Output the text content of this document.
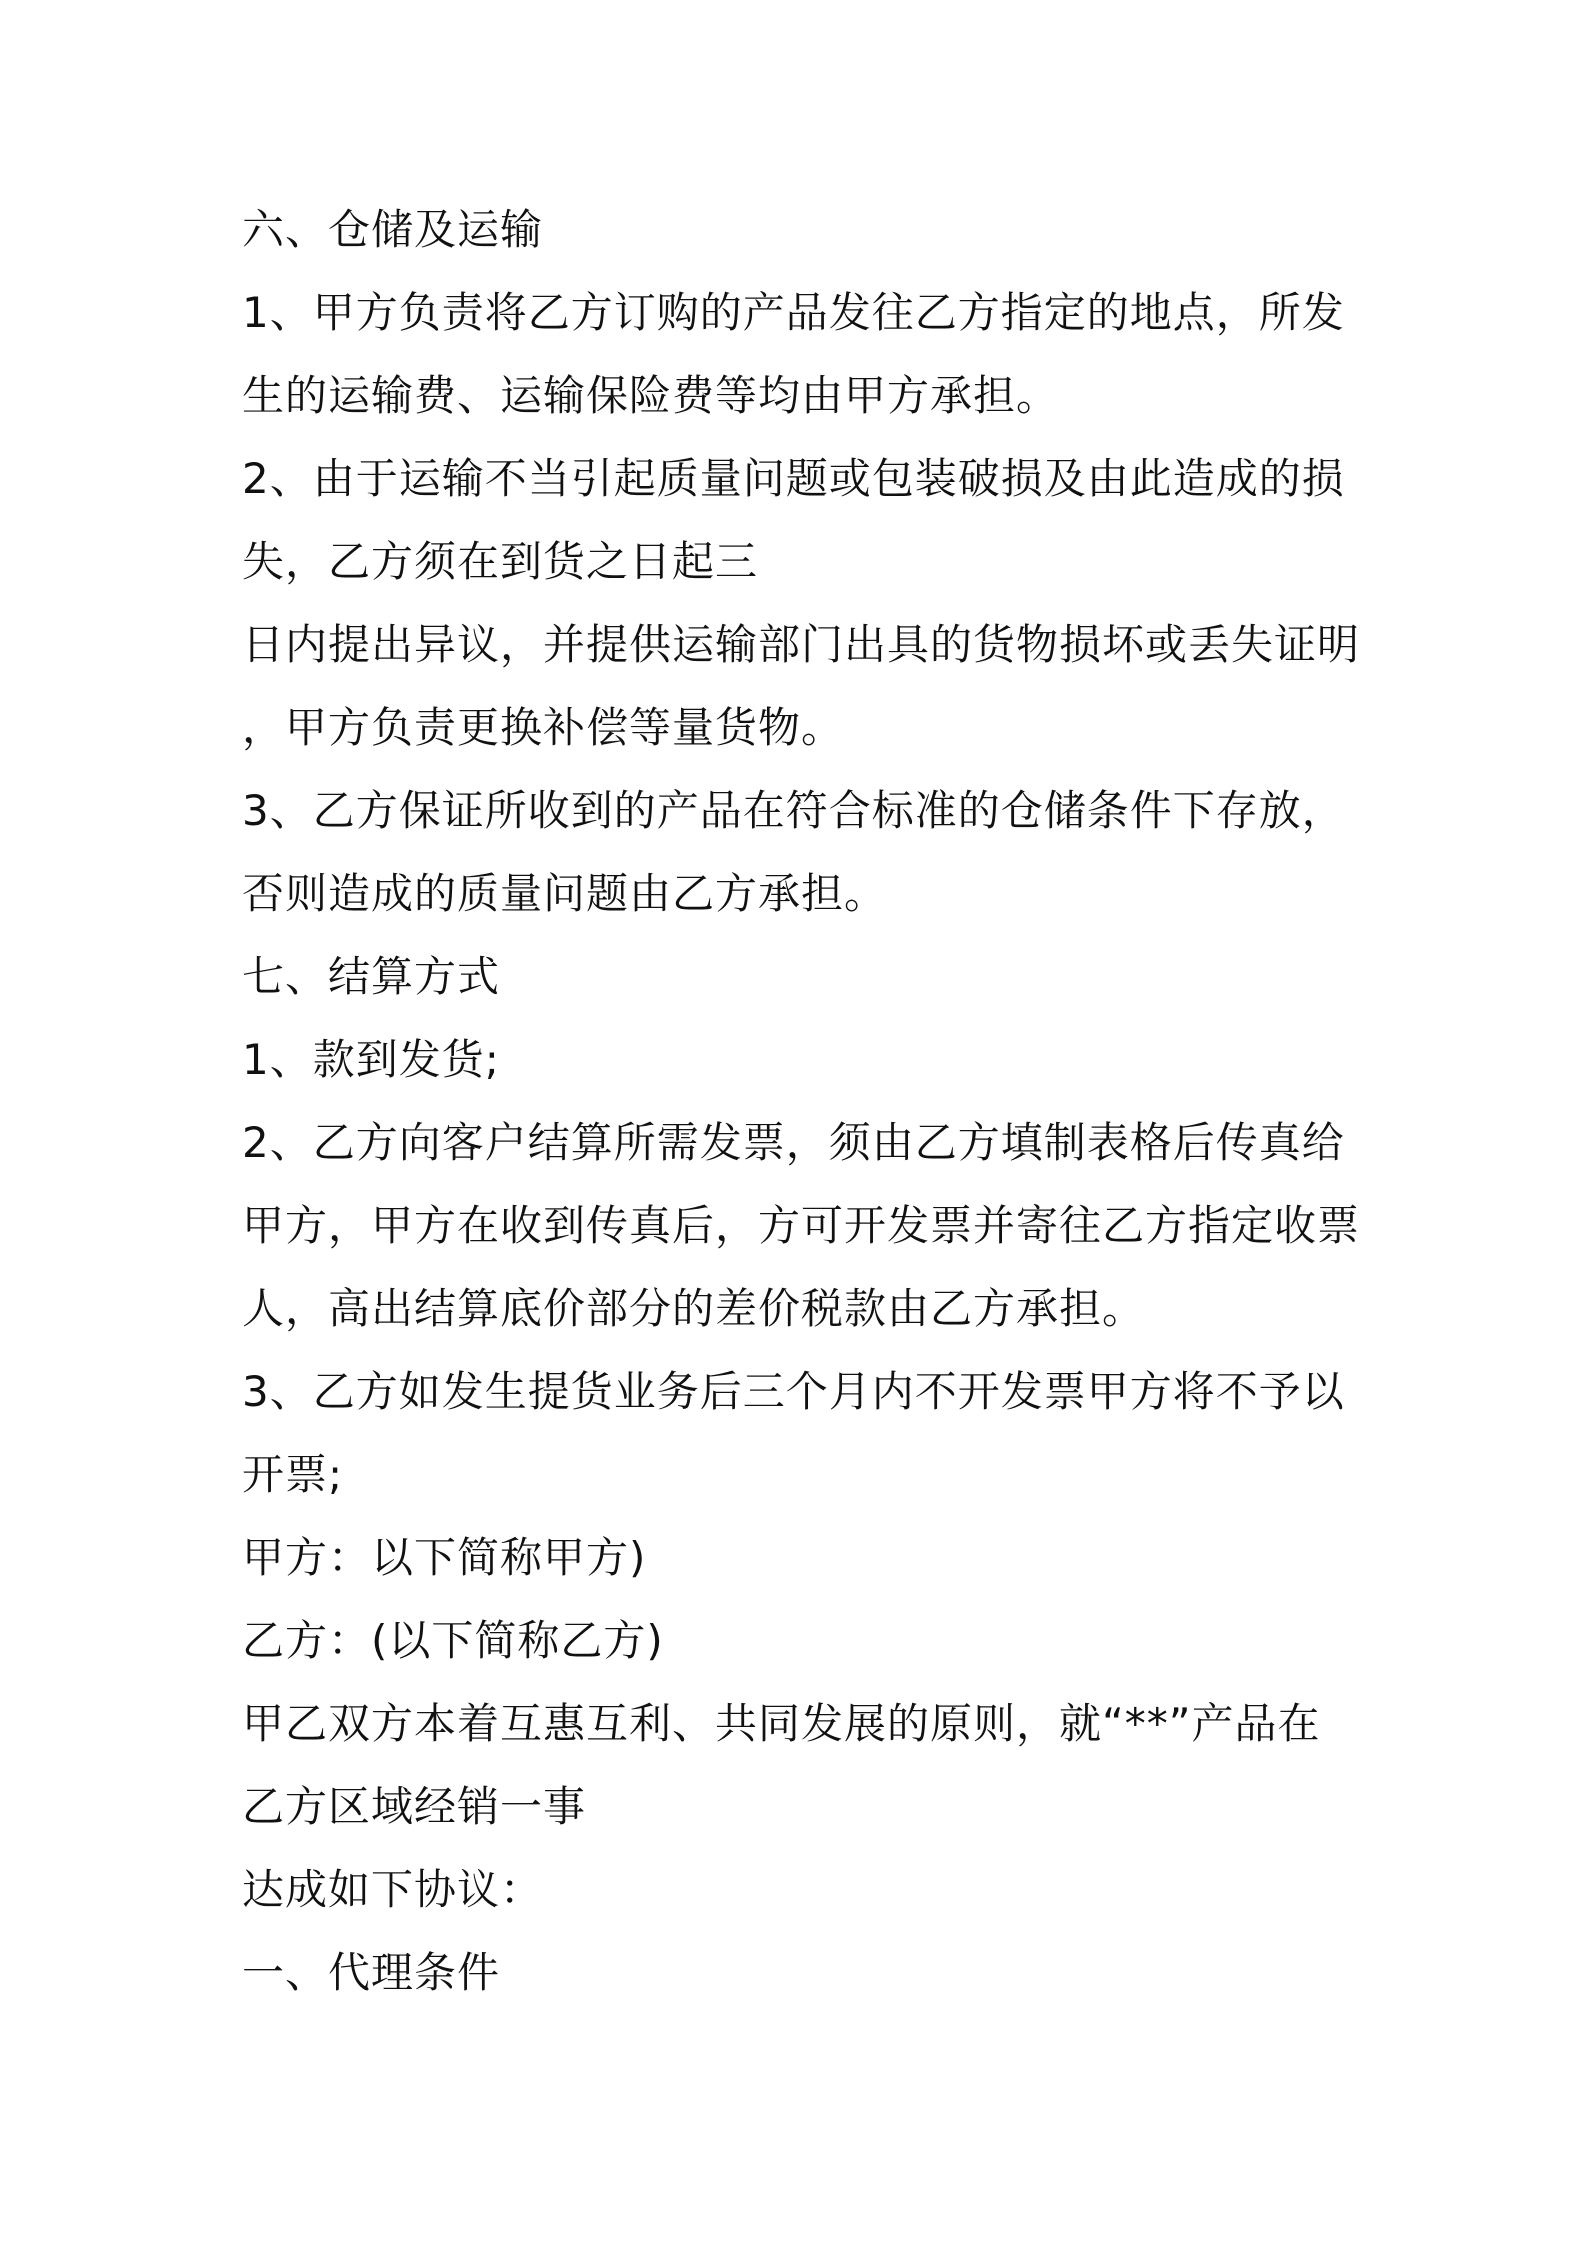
六、仓储及运输
1、甲方负责将乙方订购的产品发往乙方指定的地点，所发
生的运输费、运输保险费等均由甲方承担。
2、由于运输不当引起质量问题或包装破损及由此造成的损
失，乙方须在到货之日起三
日内提出异议，并提供运输部门出具的货物损坏或丢失证明
，甲方负责更换补偿等量货物。
3、乙方保证所收到的产品在符合标准的仓储条件下存放，
否则造成的质量问题由乙方承担。
七、结算方式
1、款到发货;
2、乙方向客户结算所需发票，须由乙方填制表格后传真给
甲方，甲方在收到传真后，方可开发票并寄往乙方指定收票
人，高出结算底价部分的差价税款由乙方承担。
3、乙方如发生提货业务后三个月内不开发票甲方将不予以
开票;
甲方：以下简称甲方)
乙方：(以下简称乙方)
甲乙双方本着互惠互利、共同发展的原则，就“**”产品在
乙方区域经销一事
达成如下协议：
一、代理条件
